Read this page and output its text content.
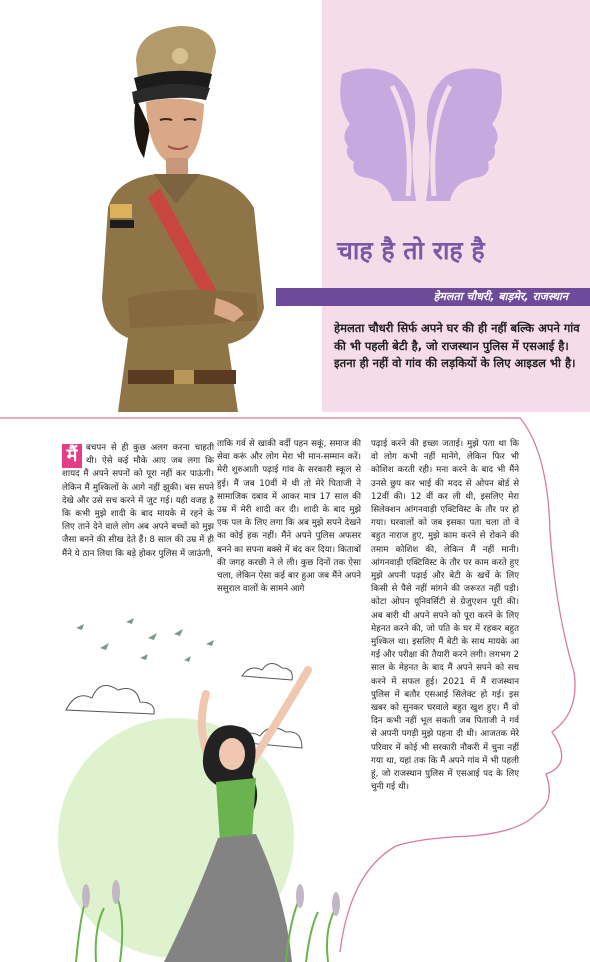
चाह है तो राह है
हेमलता चौधरी, बाड़मेर, राजस्थान
हेमलता चौधरी सिर्फ अपने घर की ही नहीं बल्कि अपने गांव की भी पहली बेटी है, जो राजस्थान पुलिस में एसआई है। इतना ही नहीं वो गांव की लड़कियों के लिए आइडल भी है।
मैं	बचपन से ही कुछ अलग करना चाहती थी। ऐसे कई मौके आए जब लगा कि शायद मैं अपने सपनों को पूरा नहीं कर पाऊंगी। लेकिन मैं मुश्किलों के आगे नहीं झुकी। बस सपने देखे और उसे सच करने में जुट गई। यही वजह है कि कभी मुझे शादी के बाद मायके में रहने के लिए ताने देने वाले लोग अब अपने बच्चों को मुझ जैसा बनने की सीख देते हैं। 8 साल की उम्र में ही मैंने ये ठान लिया कि बड़े होकर पुलिस में जाऊंगी,
ताकि गर्व से खाकी वर्दी पहन सकूं, समाज की सेवा करूं और लोग मेरा भी मान-सम्मान करें। मेरी शुरुआती पढ़ाई गांव के सरकारी स्कूल से हुई। मैं जब 10वीं में थी तो मेरे पिताजी ने सामाजिक दबाव में आकर मात्र 17 साल की उम्र में मेरी शादी कर दी। शादी के बाद मुझे एक पल के लिए लगा कि अब मुझे सपने देखने का कोई हक नहीं। मैंने अपने पुलिस अफसर बनने का सपना बक्से में बंद कर दिया। किताबों की जगह करछी ने ले ली। कुछ दिनों तक ऐसा चला, लेकिन ऐसा कई बार हुआ जब मैंने अपने ससुराल वालों के सामने आगे
पढ़ाई करने की इच्छा जताई। मुझे पता था कि वो लोग कभी नहीं मानेंगे, लेकिन फिर भी कोशिश करती रही। मना करने के बाद भी मैंने उनसे छुप कर भाई की मदद से ओपन बोर्ड से 12वीं की। 12 वीं कर ली थी, इसलिए मेरा सिलेक्शन आंगनवाड़ी एक्टिविस्ट के तौर पर हो गया। घरवालों को जब इसका पता चला तो वे बहुत नाराज हुए, मुझे काम करने से रोकने की तमाम कोशिश की, लेकिन मैं नहीं मानी। आंगनवाड़ी एक्टिविस्ट के तौर पर काम करते हुए मुझे अपनी पढ़ाई और बेटी के खर्चे के लिए किसी से पैसे नहीं मांगने की जरूरत नहीं पड़ी। कोटा ओपन यूनिवर्सिटी से ग्रेजुएशन पूरी की। अब बारी थी अपने सपने को पूरा करने के लिए मेहनत करने की, जो पति के घर में रहकर बहुत मुश्किल था। इसलिए मैं बेटी के साथ मायके आ गई और परीक्षा की तैयारी करने लगी। लगभग 2 साल के मेहनत के बाद मैं अपने सपने को सच करने में सफल हुई। 2021 में मैं राजस्थान पुलिस में बतौर एसआई सिलेक्ट हो गई। इस खबर को सुनकर घरवाले बहुत खुश हुए। मैं वो दिन कभी नहीं भूल सकती जब पिताजी ने गर्व से अपनी पगड़ी मुझे पहना दी थी। आजतक मेरे परिवार में कोई भी सरकारी नौकरी में चुना नहीं गया था, यहां तक कि मैं अपने गांव में भी पहली हूं, जो राजस्थान पुलिस में एसआई पद के लिए चुनी गई थी।
